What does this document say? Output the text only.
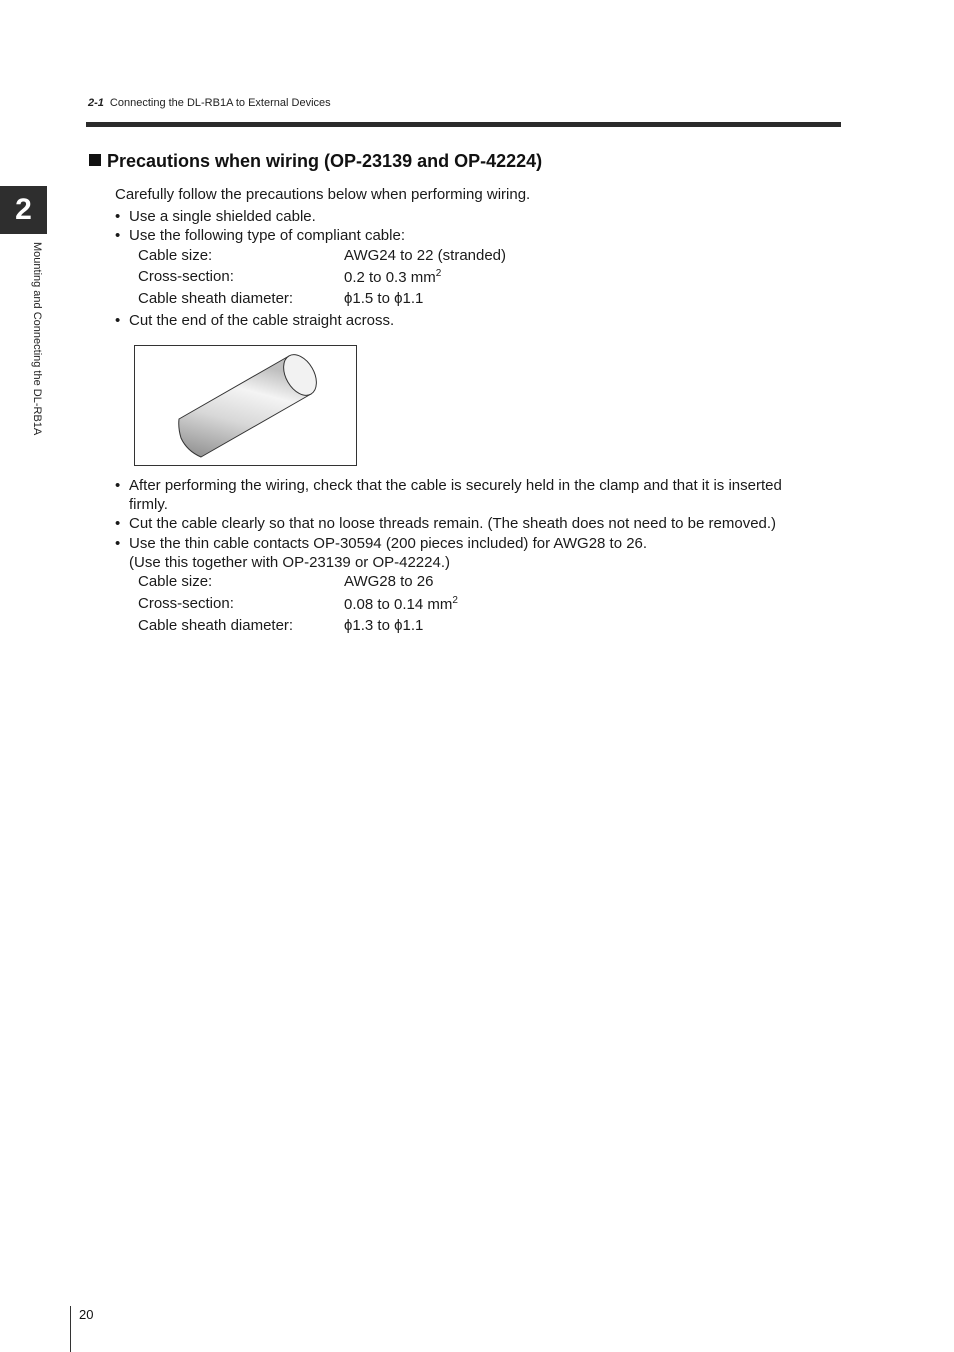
2-1 Connecting the DL-RB1A to External Devices
2
Mounting and Connecting the DL-RB1A
Precautions when wiring (OP-23139 and OP-42224)
Carefully follow the precautions below when performing wiring.
• Use a single shielded cable.
• Use the following type of compliant cable:
Cable size:	AWG24 to 22 (stranded)
Cross-section:	0.2 to 0.3 $mm^2$
Cable sheath diameter:	ϕ1.5 to ϕ1.1
• Cut the end of the cable straight across.
• After performing the wiring, check that the cable is securely held in the clamp and that it is inserted
firmly.
• Cut the cable clearly so that no loose threads remain. (The sheath does not need to be removed.)
• Use the thin cable contacts OP-30594 (200 pieces included) for AWG28 to 26.
(Use this together with OP-23139 or OP-42224.)
Cable size:	AWG28 to 26
Cross-section:	0.08 to 0.14 $mm^2$
Cable sheath diameter:	ϕ1.3 to ϕ1.1
20
